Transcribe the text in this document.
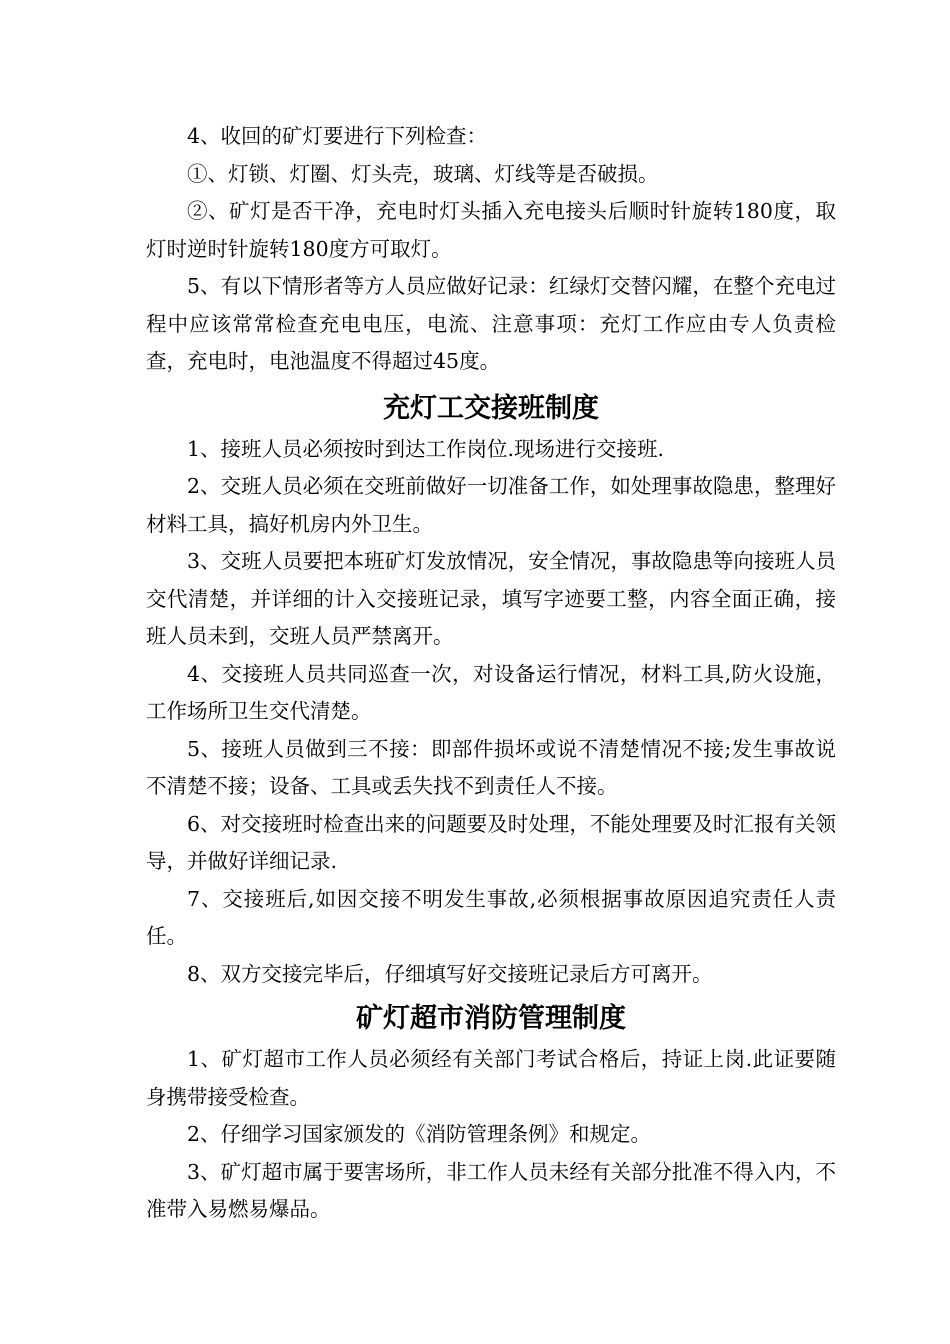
4、收回的矿灯要进行下列检查：

①、灯锁、灯圈、灯头壳，玻璃、灯线等是否破损。

②、矿灯是否干净，充电时灯头插入充电接头后顺时针旋转180度，取灯时逆时针旋转180度方可取灯。

5、有以下情形者等方人员应做好记录：红绿灯交替闪耀，在整个充电过程中应该常常检查充电电压，电流、注意事项：充灯工作应由专人负责检查，充电时，电池温度不得超过45度。

充灯工交接班制度

1、接班人员必须按时到达工作岗位.现场进行交接班.

2、交班人员必须在交班前做好一切准备工作，如处理事故隐患，整理好材料工具，搞好机房内外卫生。

3、交班人员要把本班矿灯发放情况，安全情况，事故隐患等向接班人员交代清楚，并详细的计入交接班记录，填写字迹要工整，内容全面正确，接班人员未到，交班人员严禁离开。

4、交接班人员共同巡查一次，对设备运行情况，材料工具,防火设施，工作场所卫生交代清楚。

5、接班人员做到三不接：即部件损坏或说不清楚情况不接;发生事故说不清楚不接；设备、工具或丢失找不到责任人不接。

6、对交接班时检查出来的问题要及时处理，不能处理要及时汇报有关领导，并做好详细记录.

7、交接班后,如因交接不明发生事故,必须根据事故原因追究责任人责任。

8、双方交接完毕后，仔细填写好交接班记录后方可离开。

矿灯超市消防管理制度

1、矿灯超市工作人员必须经有关部门考试合格后，持证上岗.此证要随身携带接受检查。

2、仔细学习国家颁发的《消防管理条例》和规定。

3、矿灯超市属于要害场所，非工作人员未经有关部分批准不得入内，不准带入易燃易爆品。
